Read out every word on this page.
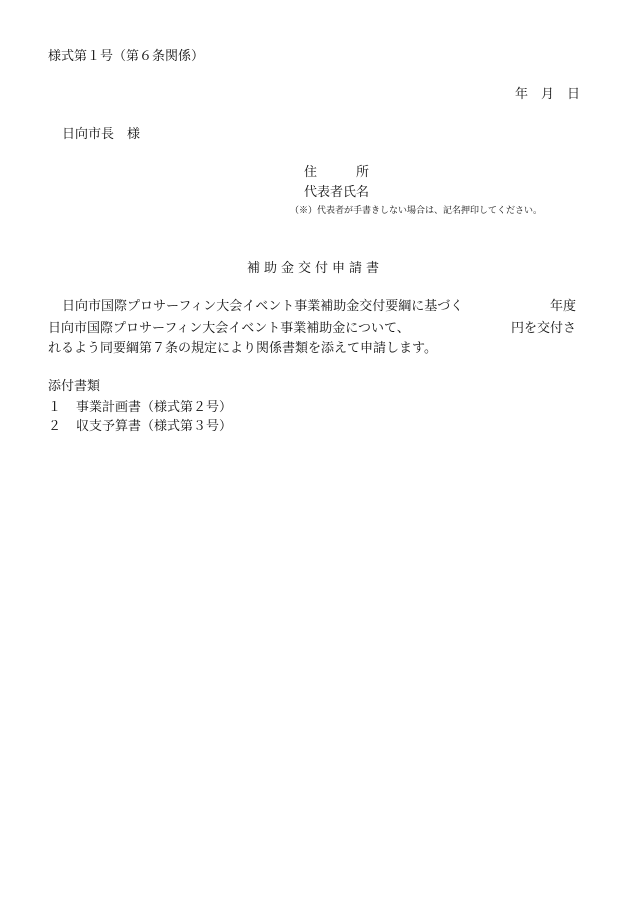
様式第１号（第６条関係）
年　月　日
日向市長　様
住　　　所
代表者氏名
（※）代表者が手書きしない場合は、記名押印してください。
補助金交付申請書
日向市国際プロサーフィン大会イベント事業補助金交付要綱に基づく	年度
日向市国際プロサーフィン大会イベント事業補助金について、	円を交付さ
れるよう同要綱第７条の規定により関係書類を添えて申請します。
添付書類
１ 事業計画書（様式第２号）
２ 収支予算書（様式第３号）
